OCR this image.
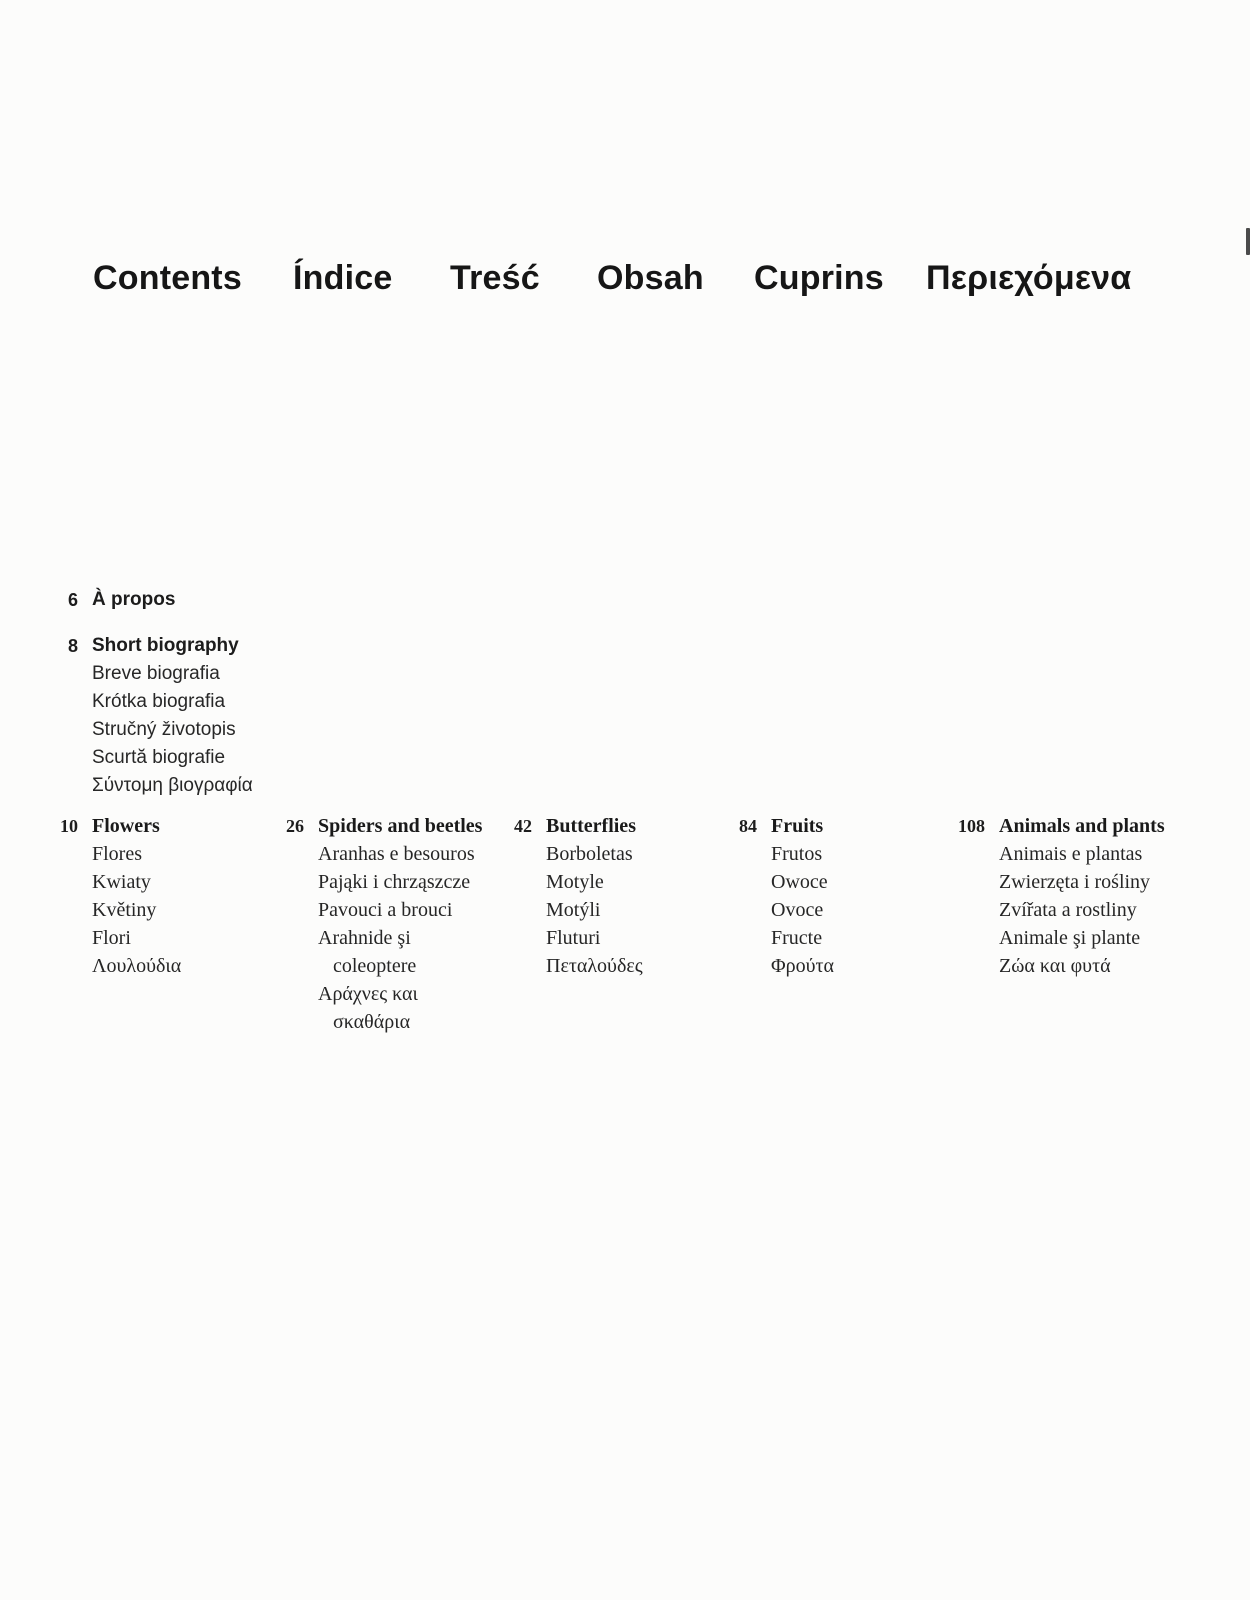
Contents Índice Treść Obsah Cuprins Περιεχόμενα
6 À propos
8 Short biography
Breve biografia
Krótka biografia
Stručný životopis
Scurtă biografie
Σύντομη βιογραφία
10 Flowers
Flores
Kwiaty
Květiny
Flori
Λουλούδια
26 Spiders and beetles
Aranhas e besouros
Pająki i chrząszcze
Pavouci a brouci
Arahnide şi
coleoptere
Αράχνες και
σκαθάρια
42 Butterflies
Borboletas
Motyle
Motýli
Fluturi
Πεταλούδες
84 Fruits
Frutos
Owoce
Ovoce
Fructe
Φρούτα
108 Animals and plants
Animais e plantas
Zwierzęta i rośliny
Zvířata a rostliny
Animale şi plante
Ζώα και φυτά
